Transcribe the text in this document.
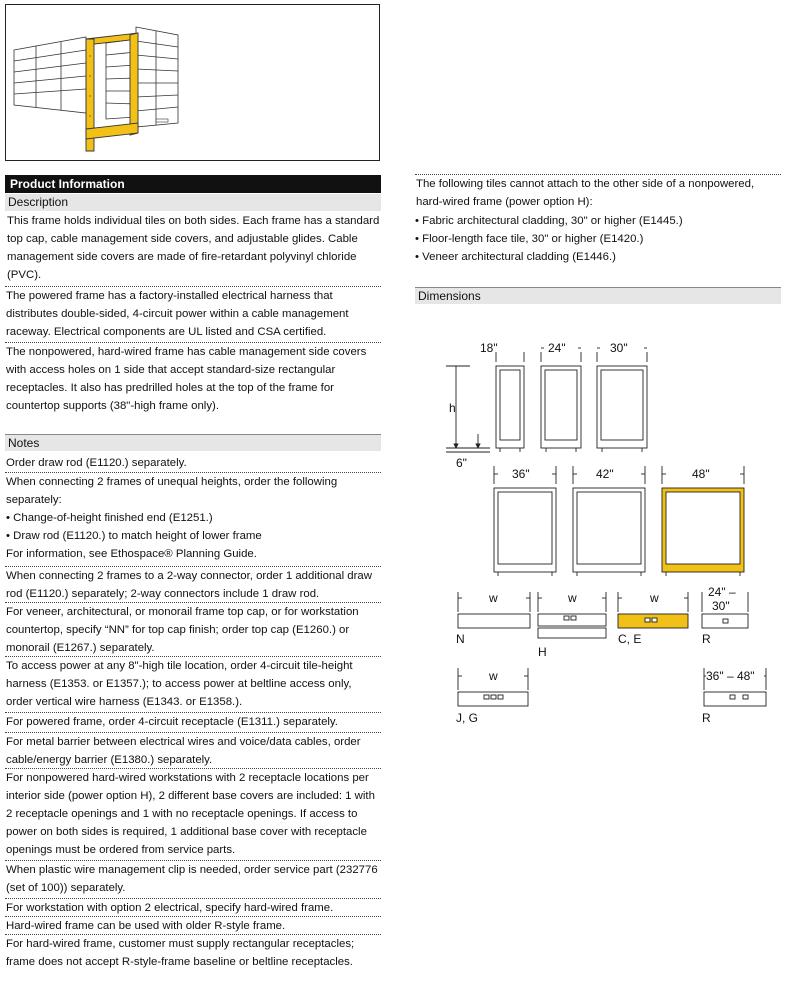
Product Information
Description
This frame holds individual tiles on both sides. Each frame has a standard top cap, cable management side covers, and adjustable glides. Cable management side covers are made of fire-retardant polyvinyl chloride (PVC).
The powered frame has a factory-installed electrical harness that distributes double-sided, 4-circuit power within a cable management raceway. Electrical components are UL listed and CSA certified.
The nonpowered, hard-wired frame has cable management side covers with access holes on 1 side that accept standard-size rectangular receptacles. It also has predrilled holes at the top of the frame for countertop supports (38"-high frame only).
Notes
Order draw rod (E1120.) separately.
When connecting 2 frames of unequal heights, order the following separately:
• Change-of-height finished end (E1251.)
• Draw rod (E1120.) to match height of lower frame
For information, see Ethospace® Planning Guide.
When connecting 2 frames to a 2-way connector, order 1 additional draw rod (E1120.) separately; 2-way connectors include 1 draw rod.
For veneer, architectural, or monorail frame top cap, or for workstation countertop, specify “NN” for top cap finish; order top cap (E1260.) or monorail (E1267.) separately.
To access power at any 8"-high tile location, order 4-circuit tile-height harness (E1353. or E1357.); to access power at beltline access only, order vertical wire harness (E1343. or E1358.).
For powered frame, order 4-circuit receptacle (E1311.) separately.
For metal barrier between electrical wires and voice/data cables, order cable/energy barrier (E1380.) separately.
For nonpowered hard-wired workstations with 2 receptacle locations per interior side (power option H), 2 different base covers are included: 1 with 2 receptacle openings and 1 with no receptacle openings. If access to power on both sides is required, 1 additional base cover with receptacle openings must be ordered from service parts.
When plastic wire management clip is needed, order service part (232776 (set of 100)) separately.
For workstation with option 2 electrical, specify hard-wired frame.
Hard-wired frame can be used with older R-style frame.
For hard-wired frame, customer must supply rectangular receptacles; frame does not accept R-style-frame baseline or beltline receptacles.
The following tiles cannot attach to the other side of a nonpowered, hard-wired frame (power option H):
• Fabric architectural cladding, 30" or higher (E1445.)
• Floor-length face tile, 30" or higher (E1420.)
• Veneer architectural cladding (E1446.)
Dimensions
18"	24"	30"
h
6"
36"	42"	48"
w	w	w	24" –
30"
N
H
C, E	R
w	36" – 48"
J, G	R
